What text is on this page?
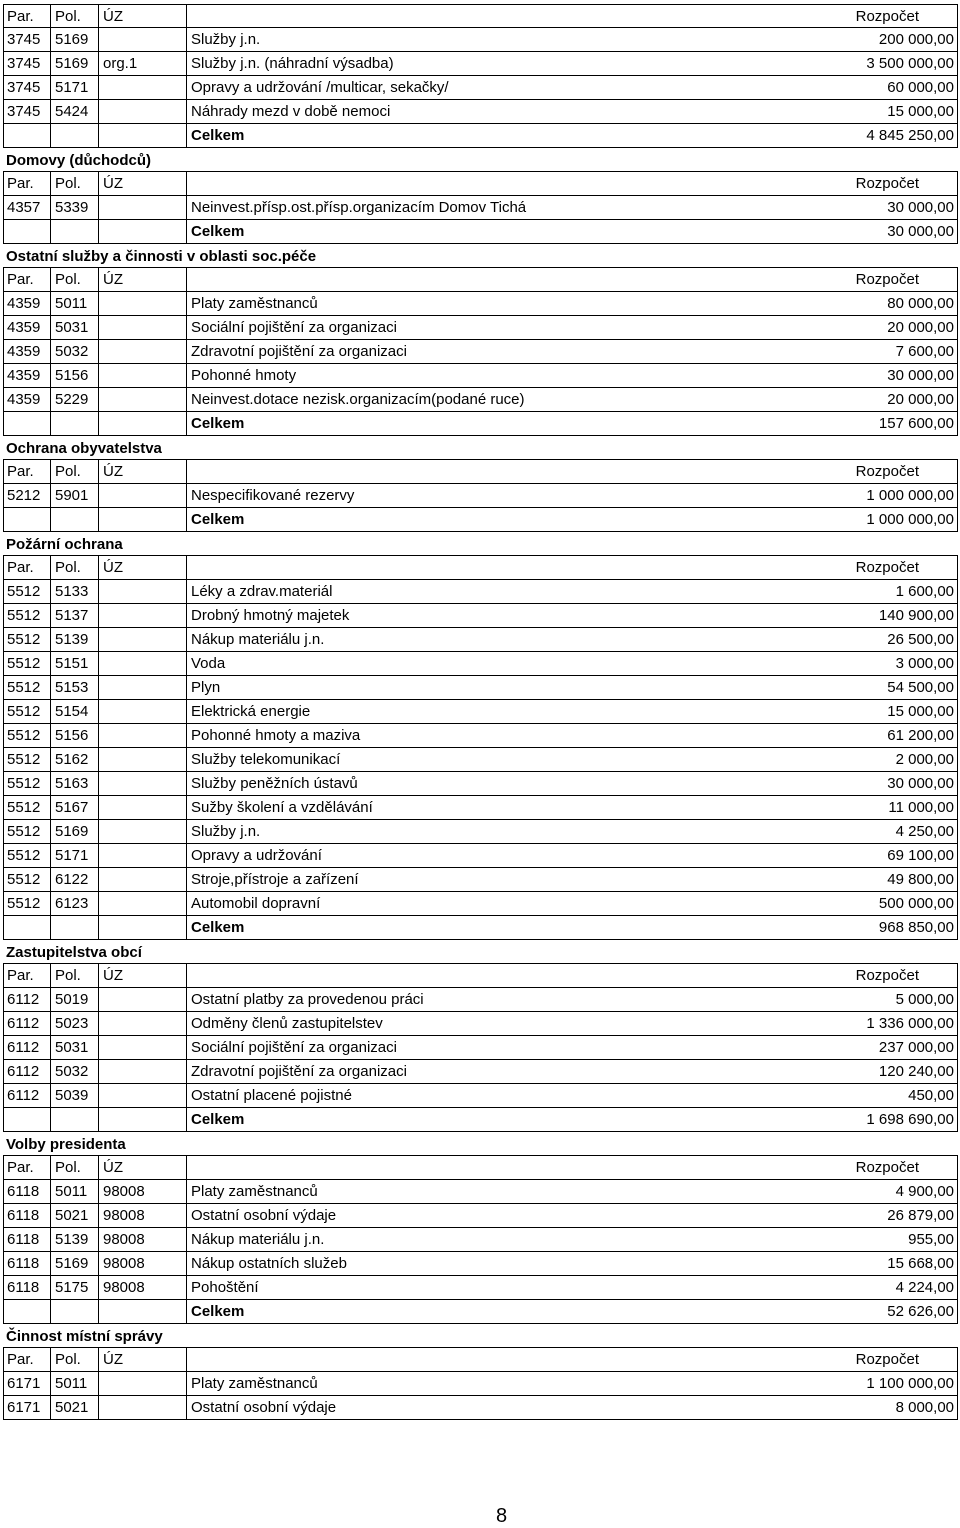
Par.	Pol.	ÚZ	Rozpočet
3745 5169	Služby j.n.	200 000,00
3745 5169 org.1	Služby j.n. (náhradní výsadba)	3 500 000,00
3745 5171	Opravy a udržování /multicar, sekačky/	60 000,00
3745 5424	Náhrady mezd v době nemoci	15 000,00
Celkem	4 845 250,00
Domovy (důchodců)
Par.	Pol.	ÚZ	Rozpočet
4357 5339	Neinvest.přísp.ost.přísp.organizacím Domov Tichá	30 000,00
Celkem	30 000,00
Ostatní služby a činnosti v oblasti soc.péče
Par.	Pol.	ÚZ	Rozpočet
4359 5011	Platy zaměstnanců	80 000,00
4359 5031	Sociální pojištění za organizaci	20 000,00
4359 5032	Zdravotní pojištění za organizaci	7 600,00
4359 5156	Pohonné hmoty	30 000,00
4359 5229	Neinvest.dotace nezisk.organizacím(podané ruce)	20 000,00
Celkem	157 600,00
Ochrana obyvatelstva
Par.	Pol.	ÚZ	Rozpočet
5212 5901	Nespecifikované rezervy	1 000 000,00
Celkem	1 000 000,00
Požární ochrana
Par.	Pol.	ÚZ	Rozpočet
5512 5133	Léky a zdrav.materiál	1 600,00
5512 5137	Drobný hmotný majetek	140 900,00
5512 5139	Nákup materiálu j.n.	26 500,00
5512 5151	Voda	3 000,00
5512 5153	Plyn	54 500,00
5512 5154	Elektrická energie	15 000,00
5512 5156	Pohonné hmoty a maziva	61 200,00
5512 5162	Služby telekomunikací	2 000,00
5512 5163	Služby peněžních ústavů	30 000,00
5512 5167	Sužby školení a vzdělávání	11 000,00
5512 5169	Služby j.n.	4 250,00
5512 5171	Opravy a udržování	69 100,00
5512 6122	Stroje,přístroje a zařízení	49 800,00
5512 6123	Automobil dopravní	500 000,00
Celkem	968 850,00
Zastupitelstva obcí
Par.	Pol.	ÚZ	Rozpočet
6112	5019	Ostatní platby za provedenou práci	5 000,00
6112	5023	Odměny členů zastupitelstev	1 336 000,00
6112	5031	Sociální pojištění za organizaci	237 000,00
6112	5032	Zdravotní pojištění za organizaci	120 240,00
6112	5039	Ostatní placené pojistné	450,00
Celkem	1 698 690,00
Volby presidenta
Par.	Pol.	ÚZ	Rozpočet
6118	5011	98008	Platy zaměstnanců	4 900,00
6118	5021 98008	Ostatní osobní výdaje	26 879,00
6118	5139 98008	Nákup materiálu j.n.	955,00
6118	5169 98008	Nákup ostatních služeb	15 668,00
6118	5175 98008	Pohoštění	4 224,00
Celkem	52 626,00
Činnost místní správy
Par.	Pol.	ÚZ	Rozpočet
6171 5011	Platy zaměstnanců	1 100 000,00
6171 5021	Ostatní osobní výdaje	8 000,00
8
